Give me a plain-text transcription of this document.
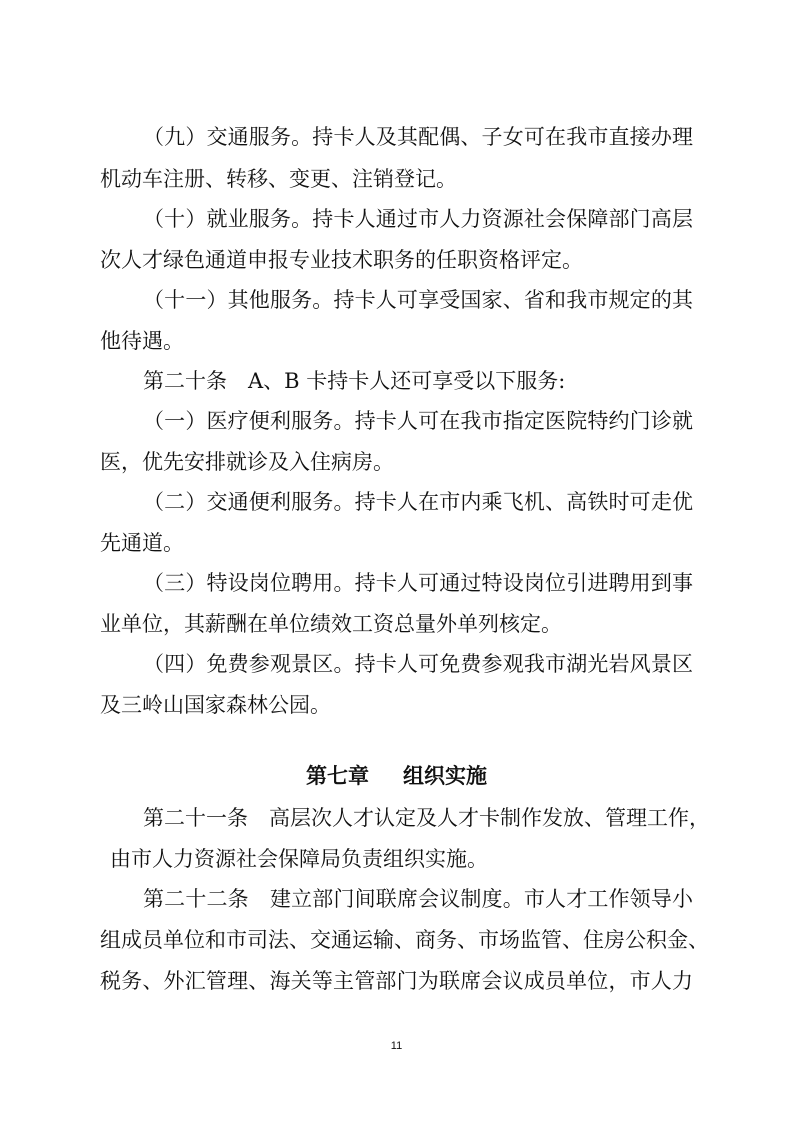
（九）交通服务。持卡人及其配偶、子女可在我市直接办理
机动车注册、转移、变更、注销登记。
（十）就业服务。持卡人通过市人力资源社会保障部门高层
次人才绿色通道申报专业技术职务的任职资格评定。
（十一）其他服务。持卡人可享受国家、省和我市规定的其
他待遇。
第二十条　A、B 卡持卡人还可享受以下服务:
（一）医疗便利服务。持卡人可在我市指定医院特约门诊就
医，优先安排就诊及入住病房。
（二）交通便利服务。持卡人在市内乘飞机、高铁时可走优
先通道。
（三）特设岗位聘用。持卡人可通过特设岗位引进聘用到事
业单位，其薪酬在单位绩效工资总量外单列核定。
（四）免费参观景区。持卡人可免费参观我市湖光岩风景区
及三岭山国家森林公园。
第七章 组织实施
第二十一条　高层次人才认定及人才卡制作发放、管理工作，
由市人力资源社会保障局负责组织实施。
第二十二条　建立部门间联席会议制度。市人才工作领导小
组成员单位和市司法、交通运输、商务、市场监管、住房公积金、
税务、外汇管理、海关等主管部门为联席会议成员单位，市人力
11
